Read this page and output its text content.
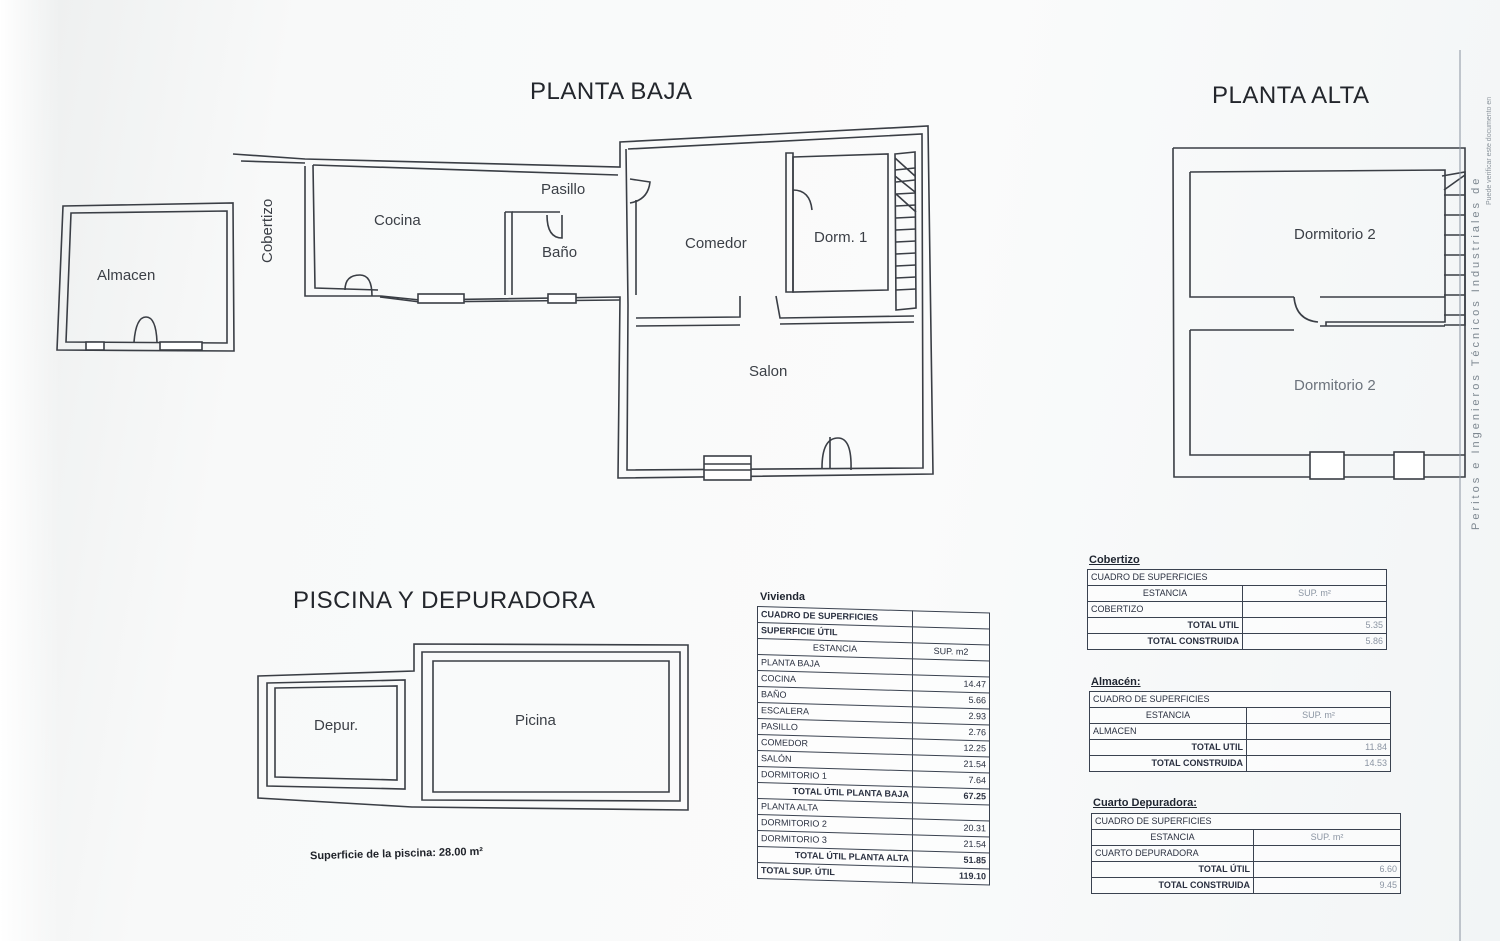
PLANTA BAJA	PLANTA ALTA
PISCINA Y DEPURADORA
Almacen
Cobertizo	Cocina
Pasillo
Baño
Comedor	Dorm. 1
Salon
Dormitorio 2
Dormitorio 2
Depur.	Picina
Superficie de la piscina: 28.00 m²
Peritos e Ingenieros Técnicos Industriales de
Puede verificar este documento en
Vivienda
CUADRO DE SUPERFICIES	
SUPERFICIE ÚTIL	
ESTANCIA	SUP. m2
PLANTA BAJA	
COCINA	14.47
BAÑO	5.66
ESCALERA	2.93
PASILLO	2.76
COMEDOR	12.25
SALÓN	21.54
DORMITORIO 1	7.64
TOTAL ÚTIL PLANTA BAJA	67.25
PLANTA ALTA	
DORMITORIO 2	20.31
DORMITORIO 3	21.54
TOTAL ÚTIL PLANTA ALTA	51.85
TOTAL SUP. ÚTIL	119.10
Cobertizo
CUADRO DE SUPERFICIES	
ESTANCIA	SUP. m²
COBERTIZO	
TOTAL UTIL	5.35
TOTAL CONSTRUIDA	5.86
Almacén:
CUADRO DE SUPERFICIES	
ESTANCIA	SUP. m²
ALMACEN	
TOTAL UTIL	11.84
TOTAL CONSTRUIDA	14.53
Cuarto Depuradora:
CUADRO DE SUPERFICIES	
ESTANCIA	SUP. m²
CUARTO DEPURADORA	
TOTAL ÚTIL	6.60
TOTAL CONSTRUIDA	9.45
